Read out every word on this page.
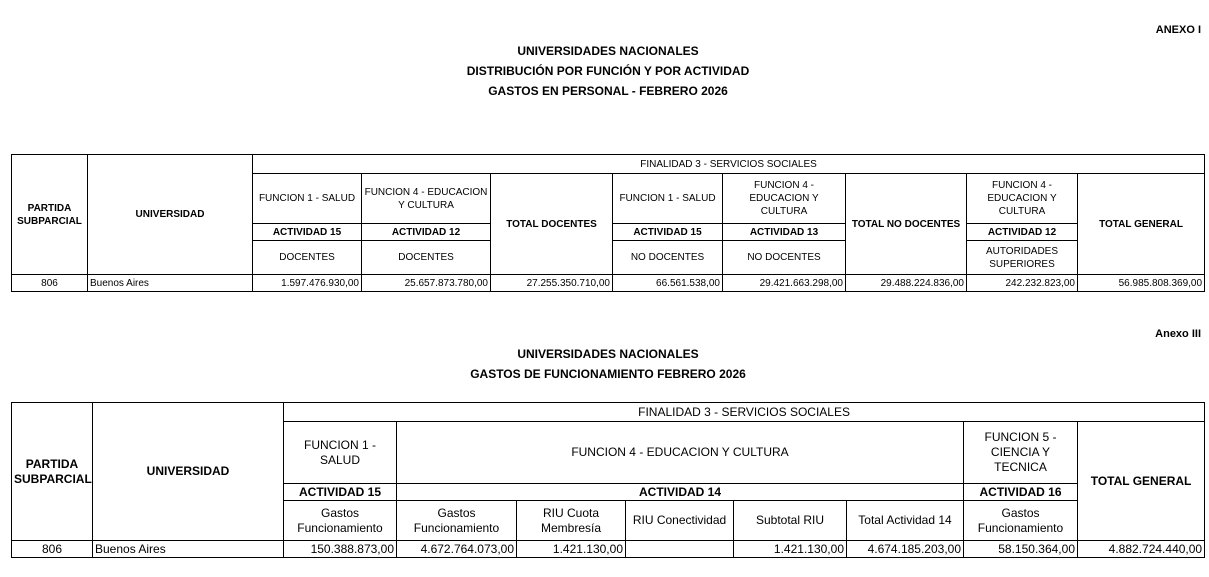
ANEXO I
UNIVERSIDADES NACIONALES
DISTRIBUCIÓN POR FUNCIÓN Y POR ACTIVIDAD
GASTOS EN PERSONAL - FEBRERO 2026
PARTIDA SUBPARCIAL	UNIVERSIDAD	FINALIDAD 3 - SERVICIOS SOCIALES							
		FUNCION 1 - SALUD	FUNCION 4 - EDUCACION Y CULTURA	TOTAL DOCENTES	FUNCION 1 - SALUD	FUNCION 4 - EDUCACION Y CULTURA	TOTAL NO DOCENTES	FUNCION 4 - EDUCACION Y CULTURA	TOTAL GENERAL
		ACTIVIDAD 15	ACTIVIDAD 12		ACTIVIDAD 15	ACTIVIDAD 13		ACTIVIDAD 12	
		DOCENTES	DOCENTES		NO DOCENTES	NO DOCENTES		AUTORIDADES SUPERIORES	
806	Buenos Aires	1.597.476.930,00	25.657.873.780,00	27.255.350.710,00	66.561.538,00	29.421.663.298,00	29.488.224.836,00	242.232.823,00	56.985.808.369,00
Anexo III
UNIVERSIDADES NACIONALES
GASTOS DE FUNCIONAMIENTO FEBRERO 2026
PARTIDA SUBPARCIAL	UNIVERSIDAD	FINALIDAD 3 - SERVICIOS SOCIALES							
		FUNCION 1 - SALUD	FUNCION 4 - EDUCACION Y CULTURA					FUNCION 5 - CIENCIA Y TECNICA	TOTAL GENERAL
		ACTIVIDAD 15	ACTIVIDAD 14					ACTIVIDAD 16	
		Gastos Funcionamiento	Gastos Funcionamiento	RIU Cuota Membresía	RIU Conectividad	Subtotal RIU	Total Actividad 14	Gastos Funcionamiento	
806	Buenos Aires	150.388.873,00	4.672.764.073,00	1.421.130,00		1.421.130,00	4.674.185.203,00	58.150.364,00	4.882.724.440,00
